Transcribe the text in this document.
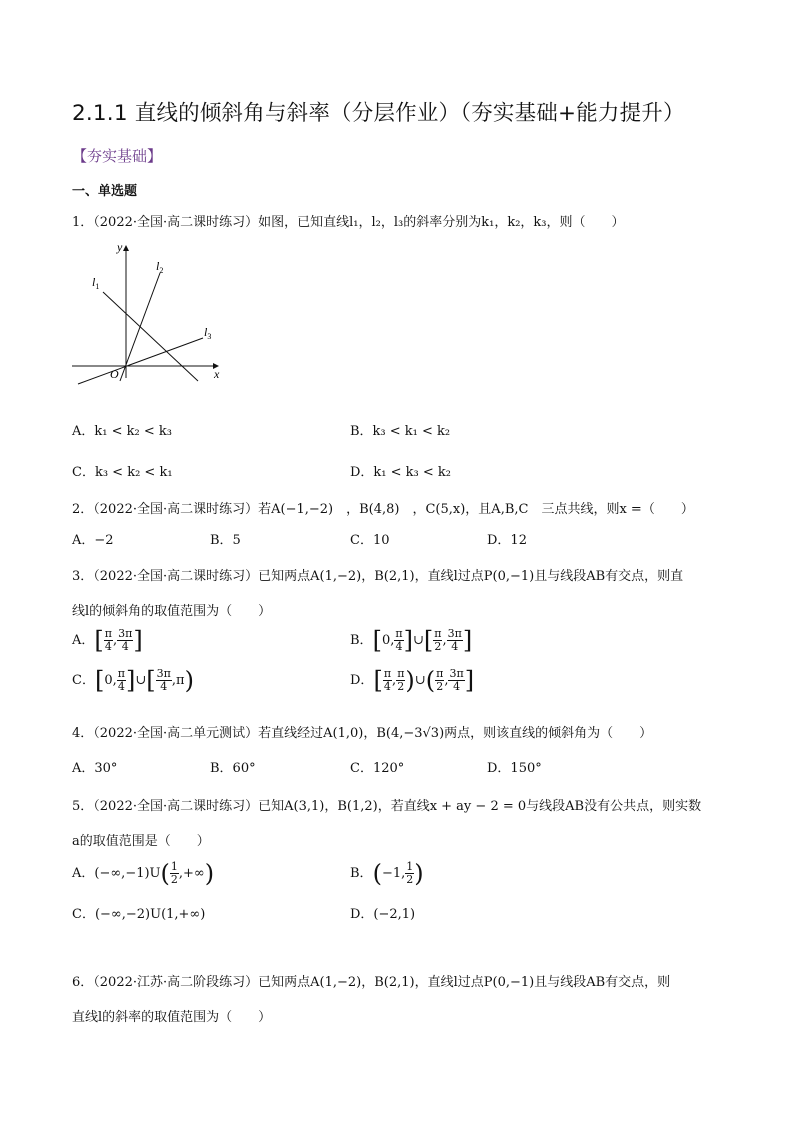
2.1.1 直线的倾斜角与斜率（分层作业）（夯实基础+能力提升）
【夯实基础】
一、单选题
1．（2022·全国·高二课时练习）如图，已知直线l₁，l₂，l₃的斜率分别为k₁，k₂，k₃，则（　　）
y
x
O
$l_1$
$l_2$
$l_3$
A．k₁ < k₂ < k₃	B．k₃ < k₁ < k₂
C．k₃ < k₂ < k₁	D．k₁ < k₃ < k₂
2．（2022·全国·高二课时练习）若A(−1,−2)　，B(4,8)　，C(5,x)，且A,B,C　三点共线，则x =（　　）
A．−2	B．5	C．10	D．12
3．（2022·全国·高二课时练习）已知两点A(1,−2)，B(2,1)，直线l过点P(0,−1)且与线段AB有交点，则直
线l的倾斜角的取值范围为（　　）
A．[ $\frac{\pi}{4}$ , $\frac{3\pi}{4}$ ]	B．[0, $\frac{\pi}{4}$ ]∪[ $\frac{\pi}{2}$ , $\frac{3\pi}{4}$ ]
C．[0, $\frac{\pi}{4}$ ]∪[ $\frac{3\pi}{4} ,\pi$)	D．[ $\frac{\pi}{4}$ , $\frac{\pi}{2}$ )∪( $\frac{\pi}{2}$ , $\frac{3\pi}{4}$ ]
4．（2022·全国·高二单元测试）若直线经过A(1,0)，B(4,−3√3)两点，则该直线的倾斜角为（　　）
A．30°	B．60°	C．120°	D．150°
5．（2022·全国·高二课时练习）已知A(3,1)，B(1,2)，若直线x + ay − 2 = 0与线段AB没有公共点，则实数
a的取值范围是（　　）
A．$(-\infty,-1)U( \frac{1}{2}$ ,+∞)	B．(−1, $\frac{1}{2}$ )
C．(−∞,−2)U(1,+∞)	D．(−2,1)
6．（2022·江苏·高二阶段练习）已知两点A(1,−2)，B(2,1)，直线l过点P(0,−1)且与线段AB有交点，则
直线l的斜率的取值范围为（　　）
